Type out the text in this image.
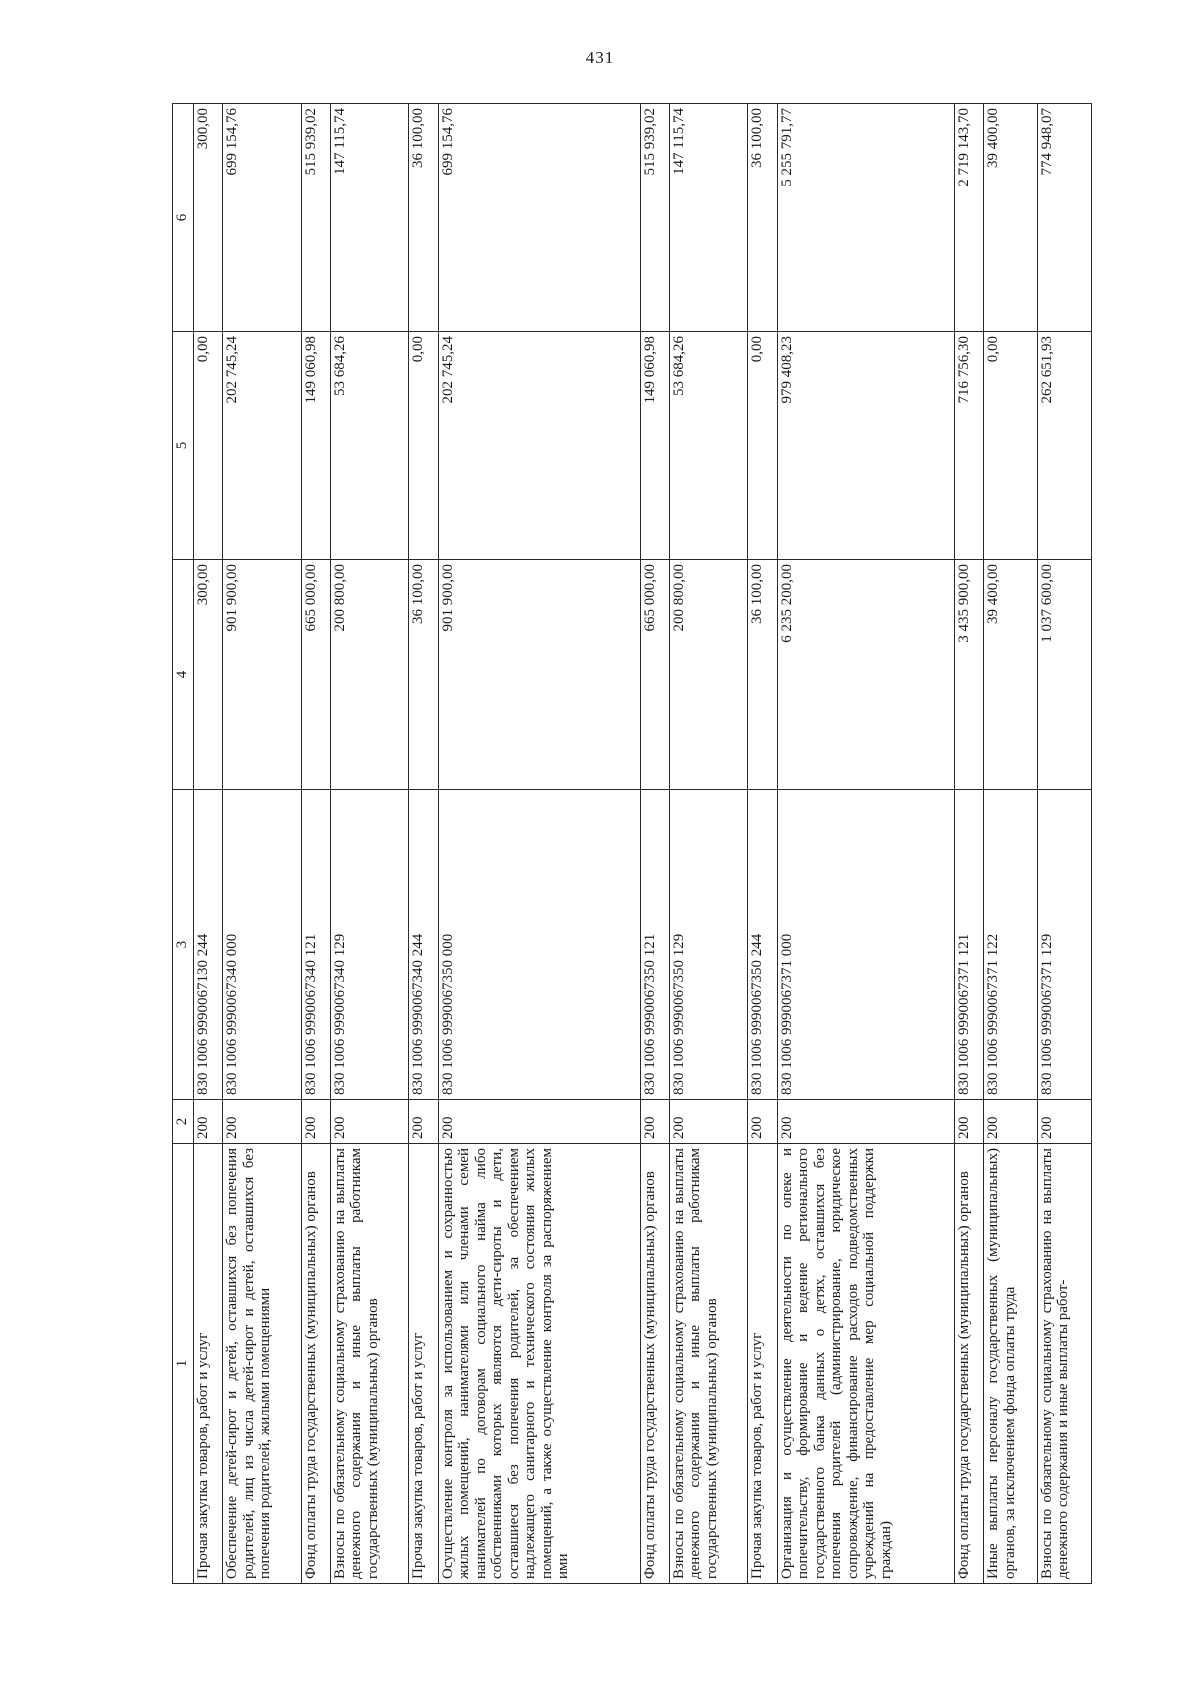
431
1	2	3	4	5	6
Прочая закупка товаров, работ и услуг	200	830 1006 9990067130 244	300,00	0,00	300,00
Обеспечение детей-сирот и детей, оставшихся без попечения родителей, лиц из числа детей-сирот и детей, оставшихся без попечения родителей, жилыми помещениями	200	830 1006 9990067340 000	901 900,00	202 745,24	699 154,76
Фонд оплаты труда государственных (муниципальных) органов	200	830 1006 9990067340 121	665 000,00	149 060,98	515 939,02
Взносы по обязательному социальному страхованию на выплаты денежного содержания и иные выплаты работникам государственных (муниципальных) органов	200	830 1006 9990067340 129	200 800,00	53 684,26	147 115,74
Прочая закупка товаров, работ и услуг	200	830 1006 9990067340 244	36 100,00	0,00	36 100,00
Осуществление контроля за использованием и сохранностью жилых помещений, нанимателями или членами семей нанимателей по договорам социального найма либо собственниками которых являются дети-сироты и дети, оставшиеся без попечения родителей, за обеспечением надлежащего санитарного и технического состояния жилых помещений, а также осуществление контроля за распоряжением ими	200	830 1006 9990067350 000	901 900,00	202 745,24	699 154,76
Фонд оплаты труда государственных (муниципальных) органов	200	830 1006 9990067350 121	665 000,00	149 060,98	515 939,02
Взносы по обязательному социальному страхованию на выплаты денежного содержания и иные выплаты работникам государственных (муниципальных) органов	200	830 1006 9990067350 129	200 800,00	53 684,26	147 115,74
Прочая закупка товаров, работ и услуг	200	830 1006 9990067350 244	36 100,00	0,00	36 100,00
Организация и осуществление деятельности по опеке и попечительству, формирование и ведение регионального государственного банка данных о детях, оставшихся без попечения родителей (администрирование, юридическое сопровождение, финансирование расходов подведомственных учреждений на предоставление мер социальной поддержки граждан)	200	830 1006 9990067371 000	6 235 200,00	979 408,23	5 255 791,77
Фонд оплаты труда государственных (муниципальных) органов	200	830 1006 9990067371 121	3 435 900,00	716 756,30	2 719 143,70
Иные выплаты персоналу государственных (муниципальных) органов, за исключением фонда оплаты труда	200	830 1006 9990067371 122	39 400,00	0,00	39 400,00
Взносы по обязательному социальному страхованию на выплаты денежного содержания и иные выплаты работ-	200	830 1006 9990067371 129	1 037 600,00	262 651,93	774 948,07
